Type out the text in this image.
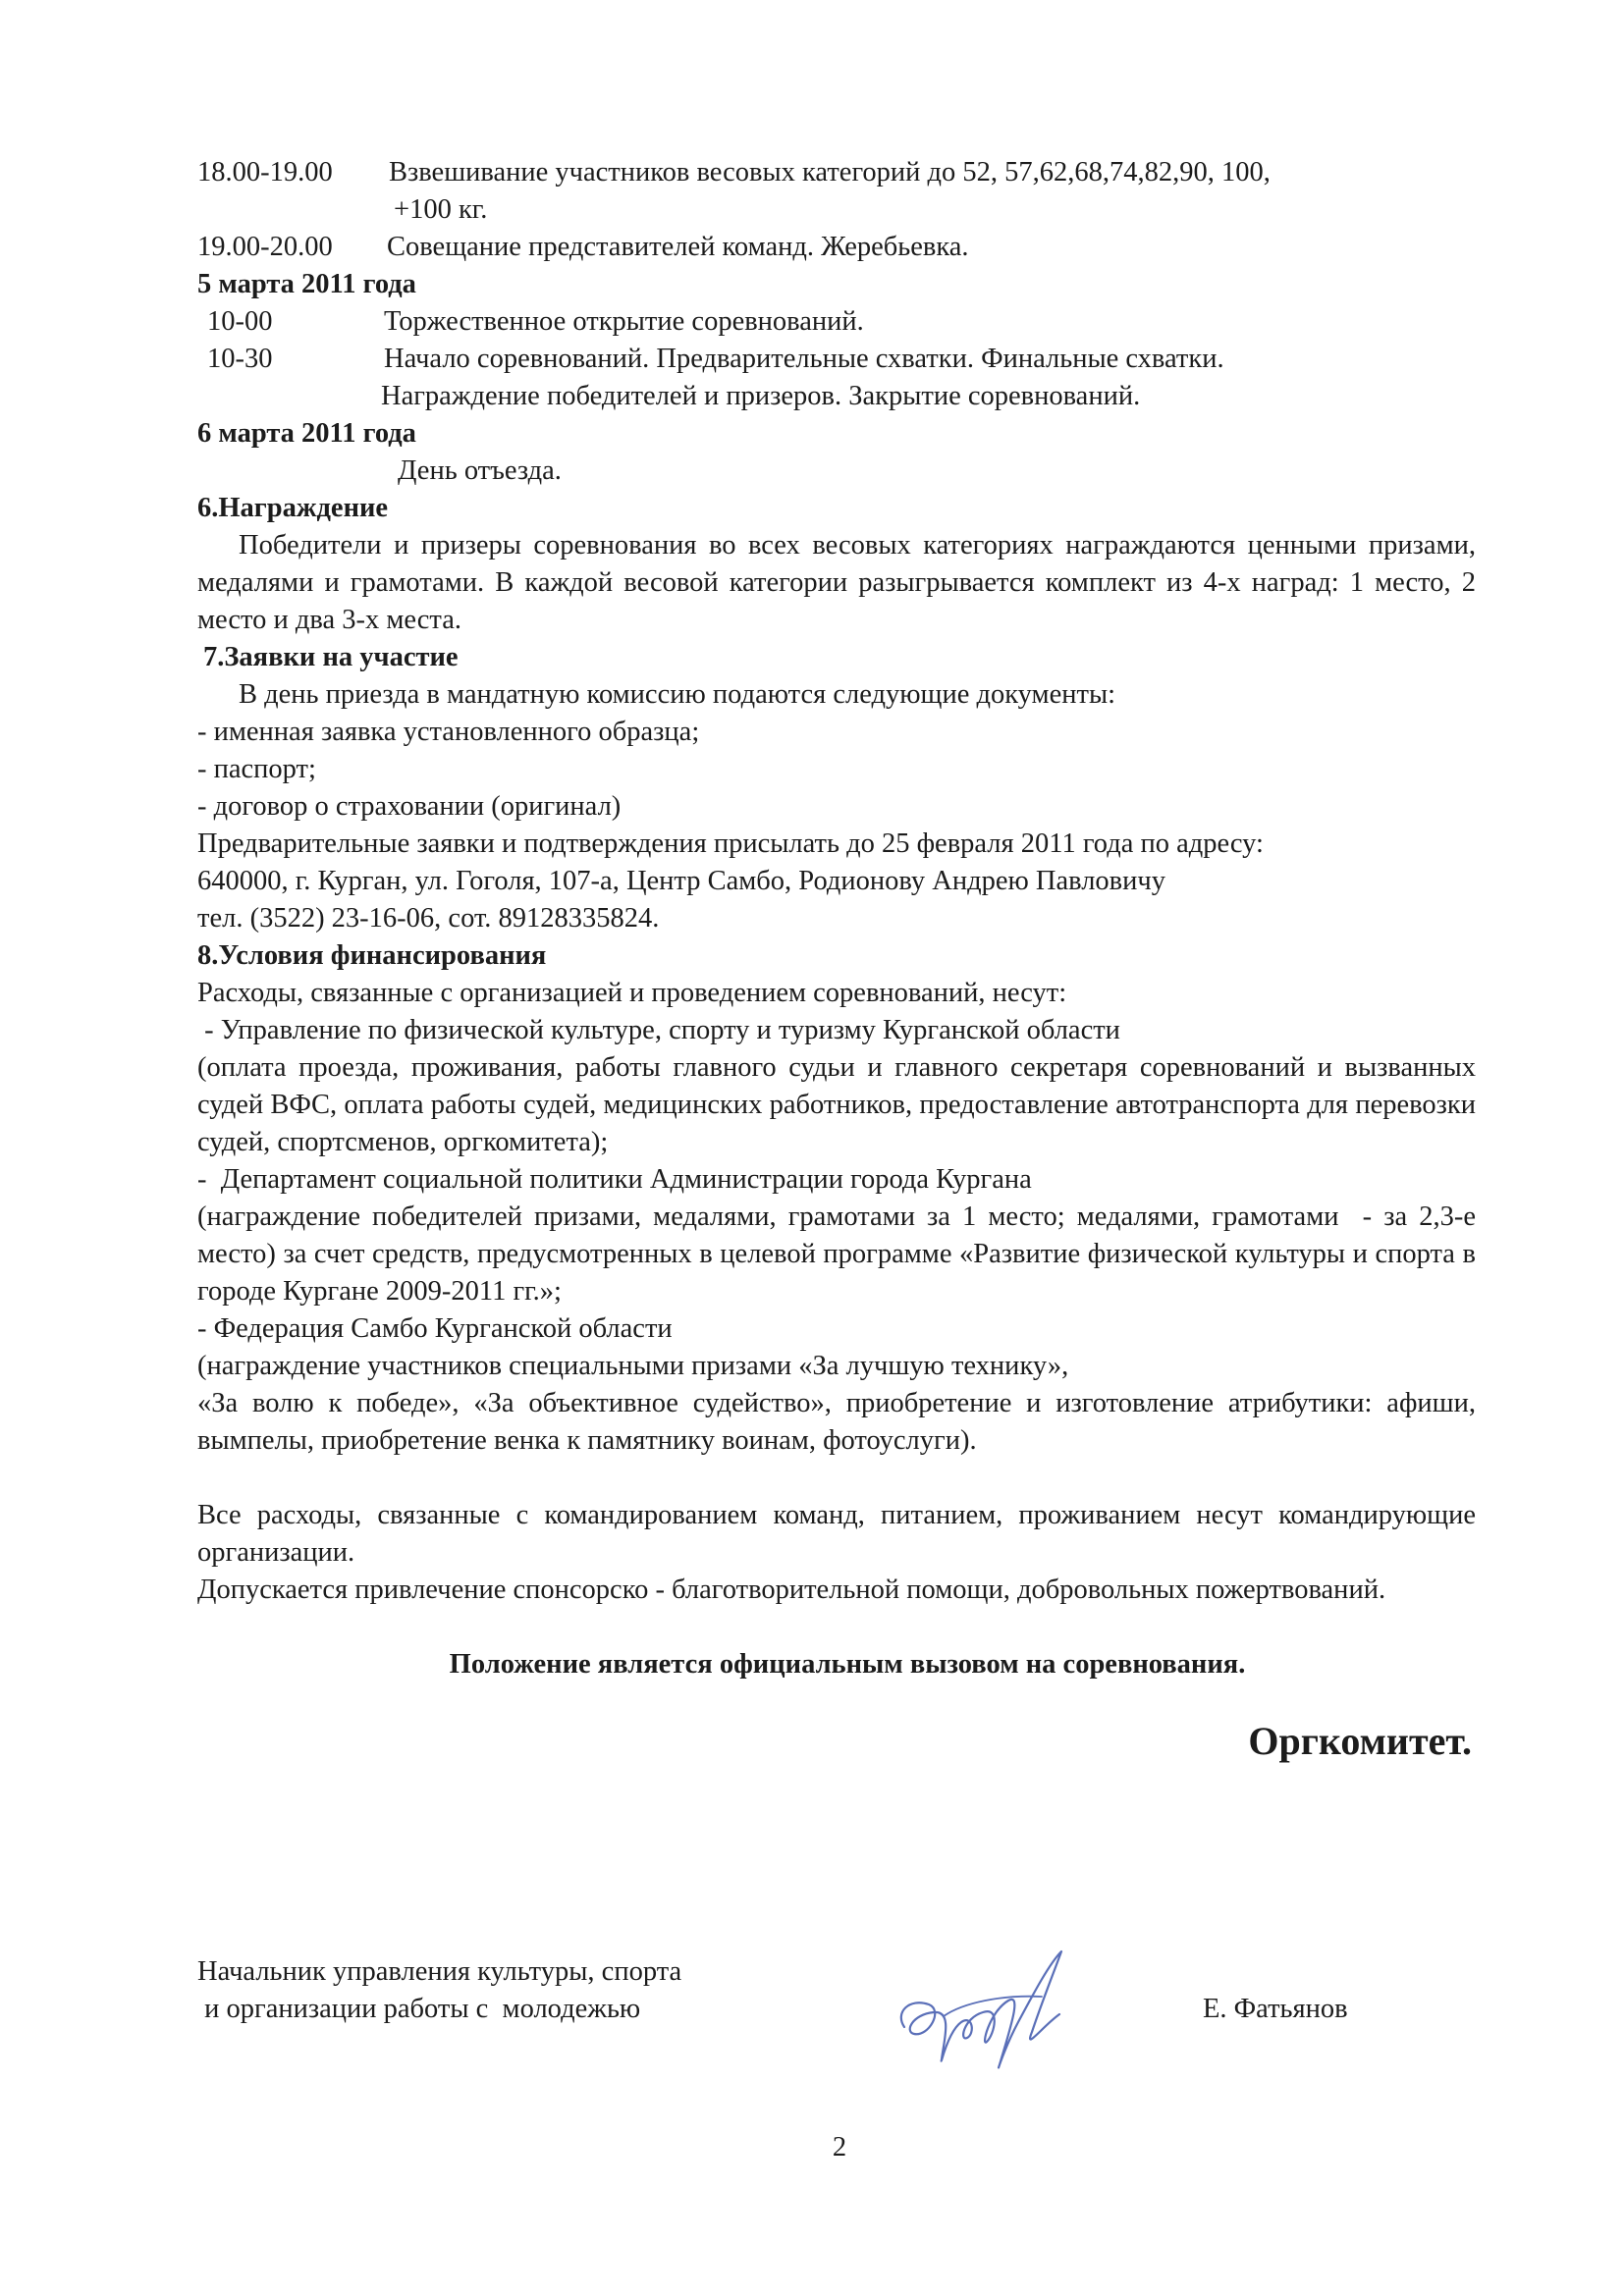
18.00-19.00	Взвешивание участников весовых категорий до 52, 57,62,68,74,82,90, 100,
+100 кг.
19.00-20.00	Совещание представителей команд. Жеребьевка.
5 марта 2011 года
10-00	Торжественное открытие соревнований.
10-30	Начало соревнований. Предварительные схватки. Финальные схватки.
Награждение победителей и призеров. Закрытие соревнований.
6 марта 2011 года
День отъезда.
6.Награждение
Победители и призеры соревнования во всех весовых категориях награждаются ценными призами, медалями и грамотами. В каждой весовой категории разыгрывается комплект из 4-х наград: 1 место, 2 место и два 3-х места.
7.Заявки на участие
В день приезда в мандатную комиссию подаются следующие документы:
- именная заявка установленного образца;
- паспорт;
- договор о страховании (оригинал)
Предварительные заявки и подтверждения присылать до 25 февраля 2011 года по адресу:
640000, г. Курган, ул. Гоголя, 107-а, Центр Самбо, Родионову Андрею Павловичу
тел. (3522) 23-16-06, сот. 89128335824.
8.Условия финансирования
Расходы, связанные с организацией и проведением соревнований, несут:
- Управление по физической культуре, спорту и туризму Курганской области
(оплата проезда, проживания, работы главного судьи и главного секретаря соревнований и вызванных судей ВФС, оплата работы судей, медицинских работников, предоставление автотранспорта для перевозки судей, спортсменов, оргкомитета);
-  Департамент социальной политики Администрации города Кургана
(награждение победителей призами, медалями, грамотами за 1 место; медалями, грамотами  - за 2,3-е  место) за счет средств, предусмотренных в целевой программе «Развитие физической культуры и спорта в городе Кургане 2009-2011 гг.»;
- Федерация Самбо Курганской области
(награждение участников специальными призами «За лучшую технику»,
«За волю к победе», «За объективное судейство», приобретение и изготовление атрибутики: афиши, вымпелы, приобретение венка к памятнику воинам, фотоуслуги).
Все расходы, связанные с командированием команд, питанием, проживанием несут командирующие организации.
Допускается привлечение спонсорско - благотворительной помощи, добровольных пожертвований.
Положение является официальным вызовом на соревнования.
Оргкомитет.
Начальник управления культуры, спорта
и организации работы с  молодежью	Е. Фатьянов
2
